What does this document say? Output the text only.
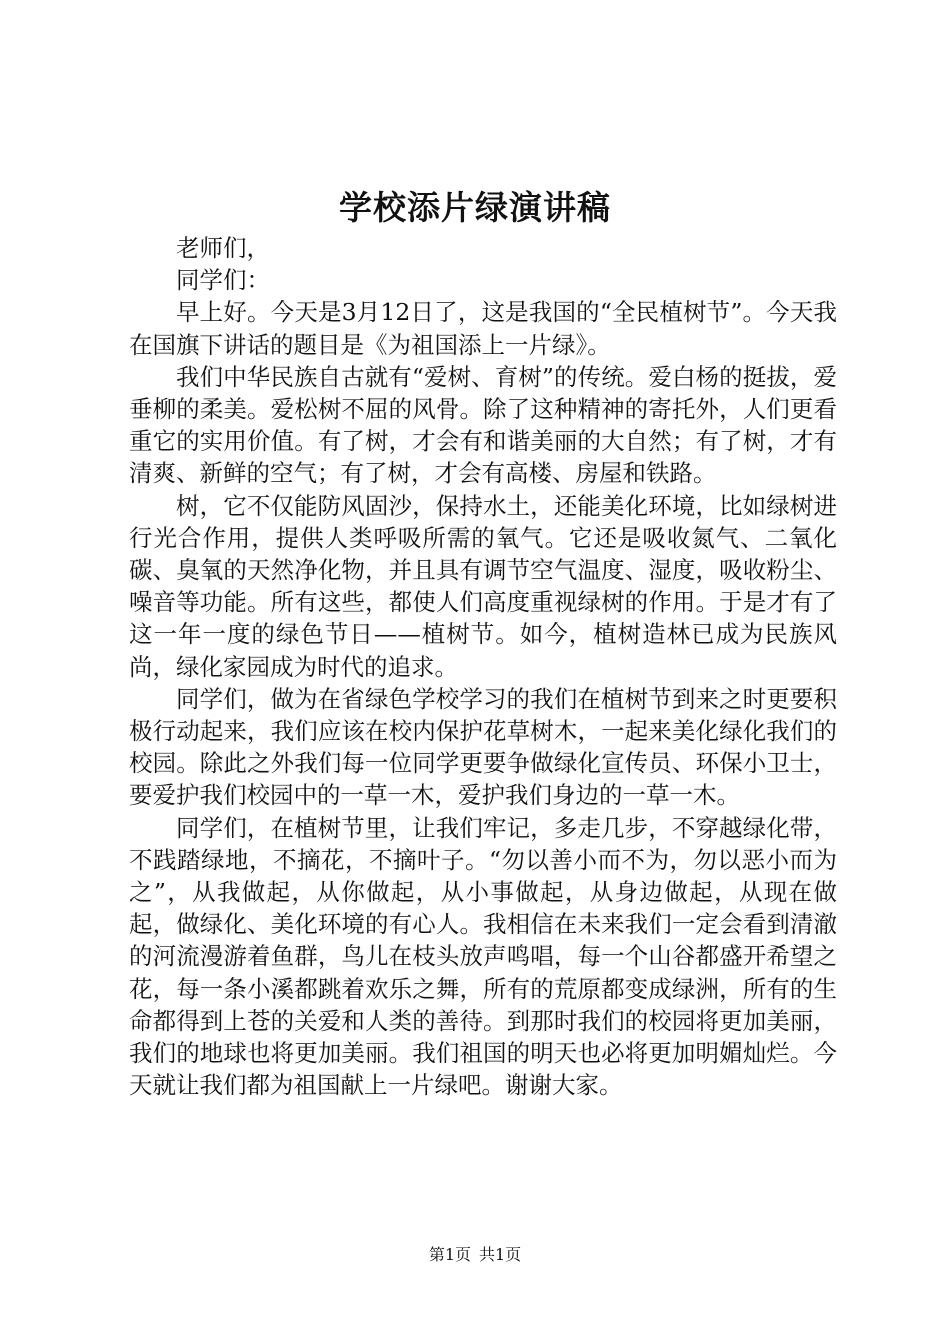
学校添片绿演讲稿

老师们，

同学们：

早上好。今天是3月12日了，这是我国的“全民植树节”。今天我在国旗下讲话的题目是《为祖国添上一片绿》。

我们中华民族自古就有“爱树、育树”的传统。爱白杨的挺拔，爱垂柳的柔美。爱松树不屈的风骨。除了这种精神的寄托外，人们更看重它的实用价值。有了树，才会有和谐美丽的大自然；有了树，才有清爽、新鲜的空气；有了树，才会有高楼、房屋和铁路。

树，它不仅能防风固沙，保持水土，还能美化环境，比如绿树进行光合作用，提供人类呼吸所需的氧气。它还是吸收氮气、二氧化碳、臭氧的天然净化物，并且具有调节空气温度、湿度，吸收粉尘、噪音等功能。所有这些，都使人们高度重视绿树的作用。于是才有了这一年一度的绿色节日——植树节。如今，植树造林已成为民族风尚，绿化家园成为时代的追求。

同学们，做为在省绿色学校学习的我们在植树节到来之时更要积极行动起来，我们应该在校内保护花草树木，一起来美化绿化我们的校园。除此之外我们每一位同学更要争做绿化宣传员、环保小卫士，要爱护我们校园中的一草一木，爱护我们身边的一草一木。

同学们，在植树节里，让我们牢记，多走几步，不穿越绿化带，不践踏绿地，不摘花，不摘叶子。“勿以善小而不为，勿以恶小而为之”，从我做起，从你做起，从小事做起，从身边做起，从现在做起，做绿化、美化环境的有心人。我相信在未来我们一定会看到清澈的河流漫游着鱼群，鸟儿在枝头放声鸣唱，每一个山谷都盛开希望之花，每一条小溪都跳着欢乐之舞，所有的荒原都变成绿洲，所有的生命都得到上苍的关爱和人类的善待。到那时我们的校园将更加美丽，我们的地球也将更加美丽。我们祖国的明天也必将更加明媚灿烂。今天就让我们都为祖国献上一片绿吧。谢谢大家。

第1页 共1页
